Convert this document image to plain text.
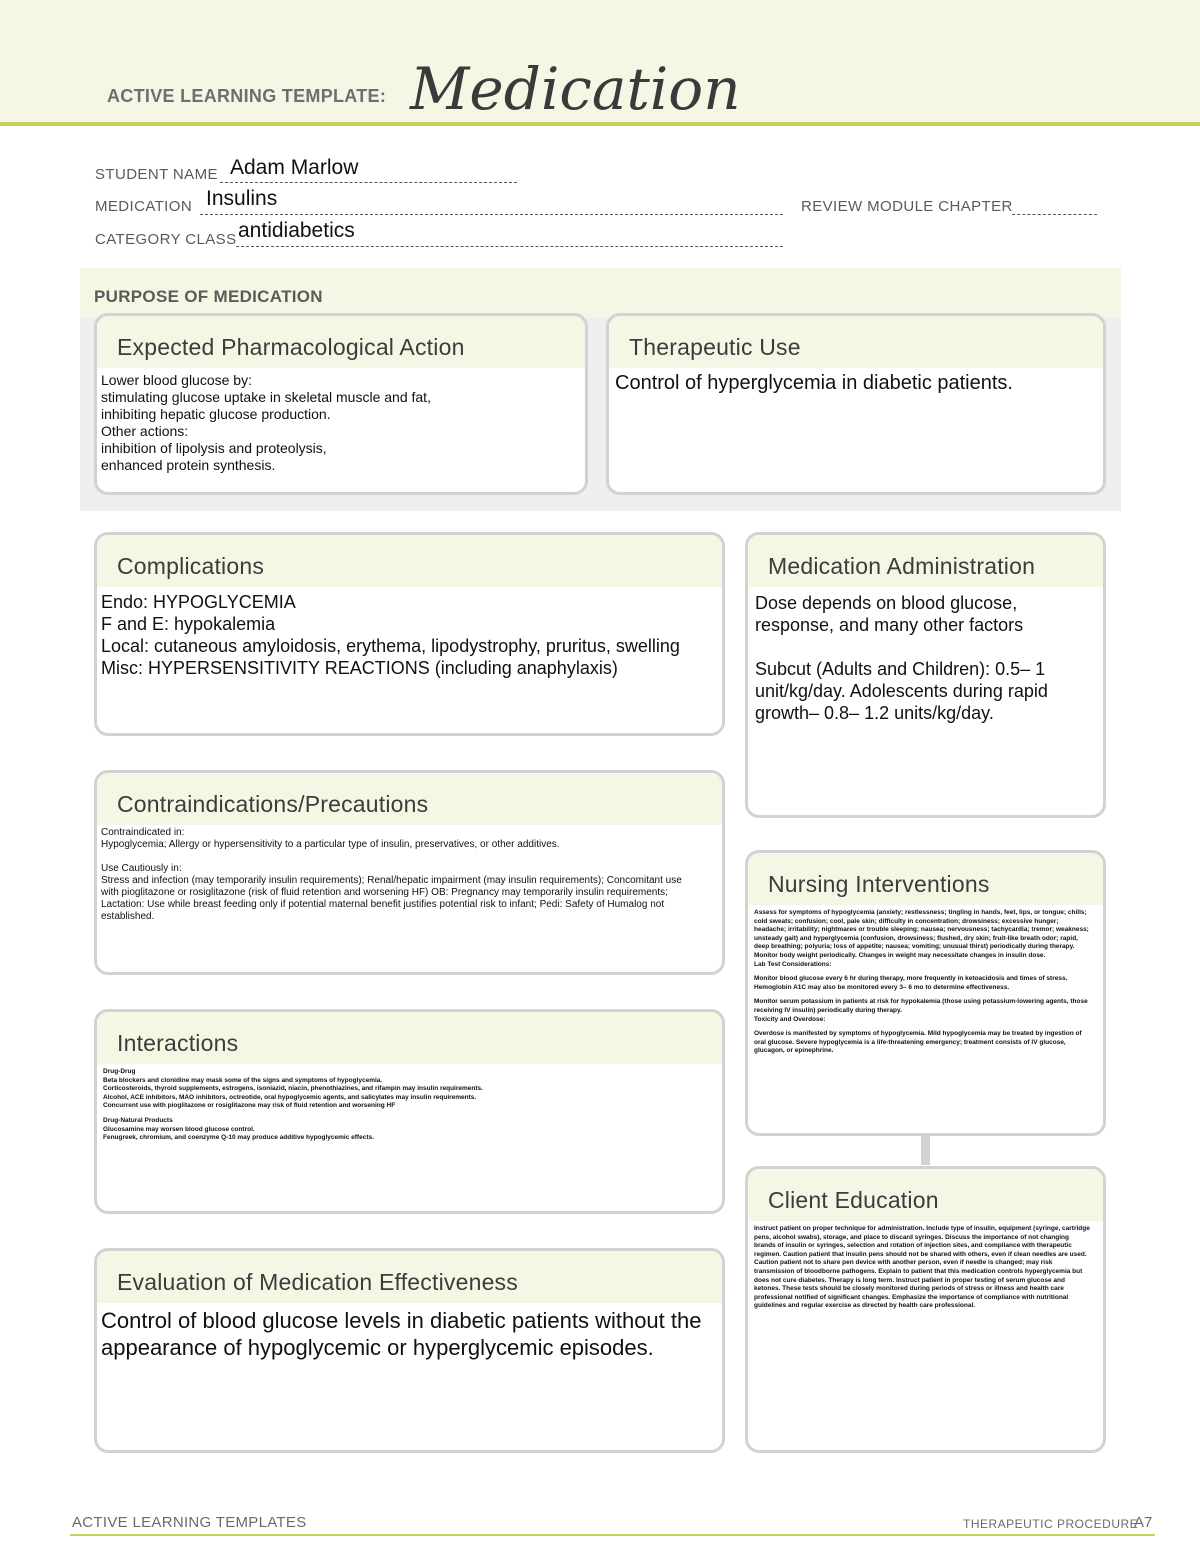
ACTIVE LEARNING TEMPLATE: Medication
STUDENT NAME Adam Marlow
MEDICATION Insulins	REVIEW MODULE CHAPTER
CATEGORY CLASS antidiabetics
PURPOSE OF MEDICATION
Expected Pharmacological Action
Lower blood glucose by:
stimulating glucose uptake in skeletal muscle and fat,
inhibiting hepatic glucose production.
Other actions:
inhibition of lipolysis and proteolysis,
enhanced protein synthesis.
Therapeutic Use
Control of hyperglycemia in diabetic patients.
Complications
Endo: HYPOGLYCEMIA
F and E: hypokalemia
Local: cutaneous amyloidosis, erythema, lipodystrophy, pruritus, swelling
Misc: HYPERSENSITIVITY REACTIONS (including anaphylaxis)
Medication Administration
Dose depends on blood glucose, response, and many other factors
Subcut (Adults and Children): 0.5– 1 unit/kg/day. Adolescents during rapid growth– 0.8– 1.2 units/kg/day.
Contraindications/Precautions
Contraindicated in:
Hypoglycemia; Allergy or hypersensitivity to a particular type of insulin, preservatives, or other additives.
Use Cautiously in:
Stress and infection (may temporarily insulin requirements); Renal/hepatic impairment (may insulin requirements); Concomitant use with pioglitazone or rosiglitazone (risk of fluid retention and worsening HF) OB: Pregnancy may temporarily insulin requirements; Lactation: Use while breast feeding only if potential maternal benefit justifies potential risk to infant; Pedi: Safety of Humalog not established.
Nursing Interventions
Assess for symptoms of hypoglycemia (anxiety; restlessness; tingling in hands, feet, lips, or tongue; chills; cold sweats; confusion; cool, pale skin; difficulty in concentration; drowsiness; excessive hunger; headache; irritability; nightmares or trouble sleeping; nausea; nervousness; tachycardia; tremor; weakness; unsteady gait) and hyperglycemia (confusion, drowsiness; flushed, dry skin; fruit-like breath odor; rapid, deep breathing; polyuria; loss of appetite; nausea; vomiting; unusual thirst) periodically during therapy.
Monitor body weight periodically. Changes in weight may necessitate changes in insulin dose.
Lab Test Considerations:
Monitor blood glucose every 6 hr during therapy, more frequently in ketoacidosis and times of stress. Hemoglobin A1C may also be monitored every 3– 6 mo to determine effectiveness.
Monitor serum potassium in patients at risk for hypokalemia (those using potassium-lowering agents, those receiving IV insulin) periodically during therapy.
Toxicity and Overdose:
Overdose is manifested by symptoms of hypoglycemia. Mild hypoglycemia may be treated by ingestion of oral glucose. Severe hypoglycemia is a life-threatening emergency; treatment consists of IV glucose, glucagon, or epinephrine.
Interactions
Drug-Drug
Beta blockers and clonidine may mask some of the signs and symptoms of hypoglycemia.
Corticosteroids, thyroid supplements, estrogens, isoniazid, niacin, phenothiazines, and rifampin may insulin requirements.
Alcohol, ACE inhibitors, MAO inhibitors, octreotide, oral hypoglycemic agents, and salicylates may insulin requirements.
Concurrent use with pioglitazone or rosiglitazone may risk of fluid retention and worsening HF
Drug-Natural Products
Glucosamine may worsen blood glucose control.
Fenugreek, chromium, and coenzyme Q-10 may produce additive hypoglycemic effects.
Client Education
Instruct patient on proper technique for administration. Include type of insulin, equipment (syringe, cartridge pens, alcohol swabs), storage, and place to discard syringes. Discuss the importance of not changing brands of insulin or syringes, selection and rotation of injection sites, and compliance with therapeutic regimen. Caution patient that insulin pens should not be shared with others, even if clean needles are used. Caution patient not to share pen device with another person, even if needle is changed; may risk transmission of bloodborne pathogens. Explain to patient that this medication controls hyperglycemia but does not cure diabetes. Therapy is long term. Instruct patient in proper testing of serum glucose and ketones. These tests should be closely monitored during periods of stress or illness and health care professional notified of significant changes. Emphasize the importance of compliance with nutritional guidelines and regular exercise as directed by health care professional.
Evaluation of Medication Effectiveness
Control of blood glucose levels in diabetic patients without the appearance of hypoglycemic or hyperglycemic episodes.
ACTIVE LEARNING TEMPLATES	THERAPEUTIC PROCEDURE
A7
